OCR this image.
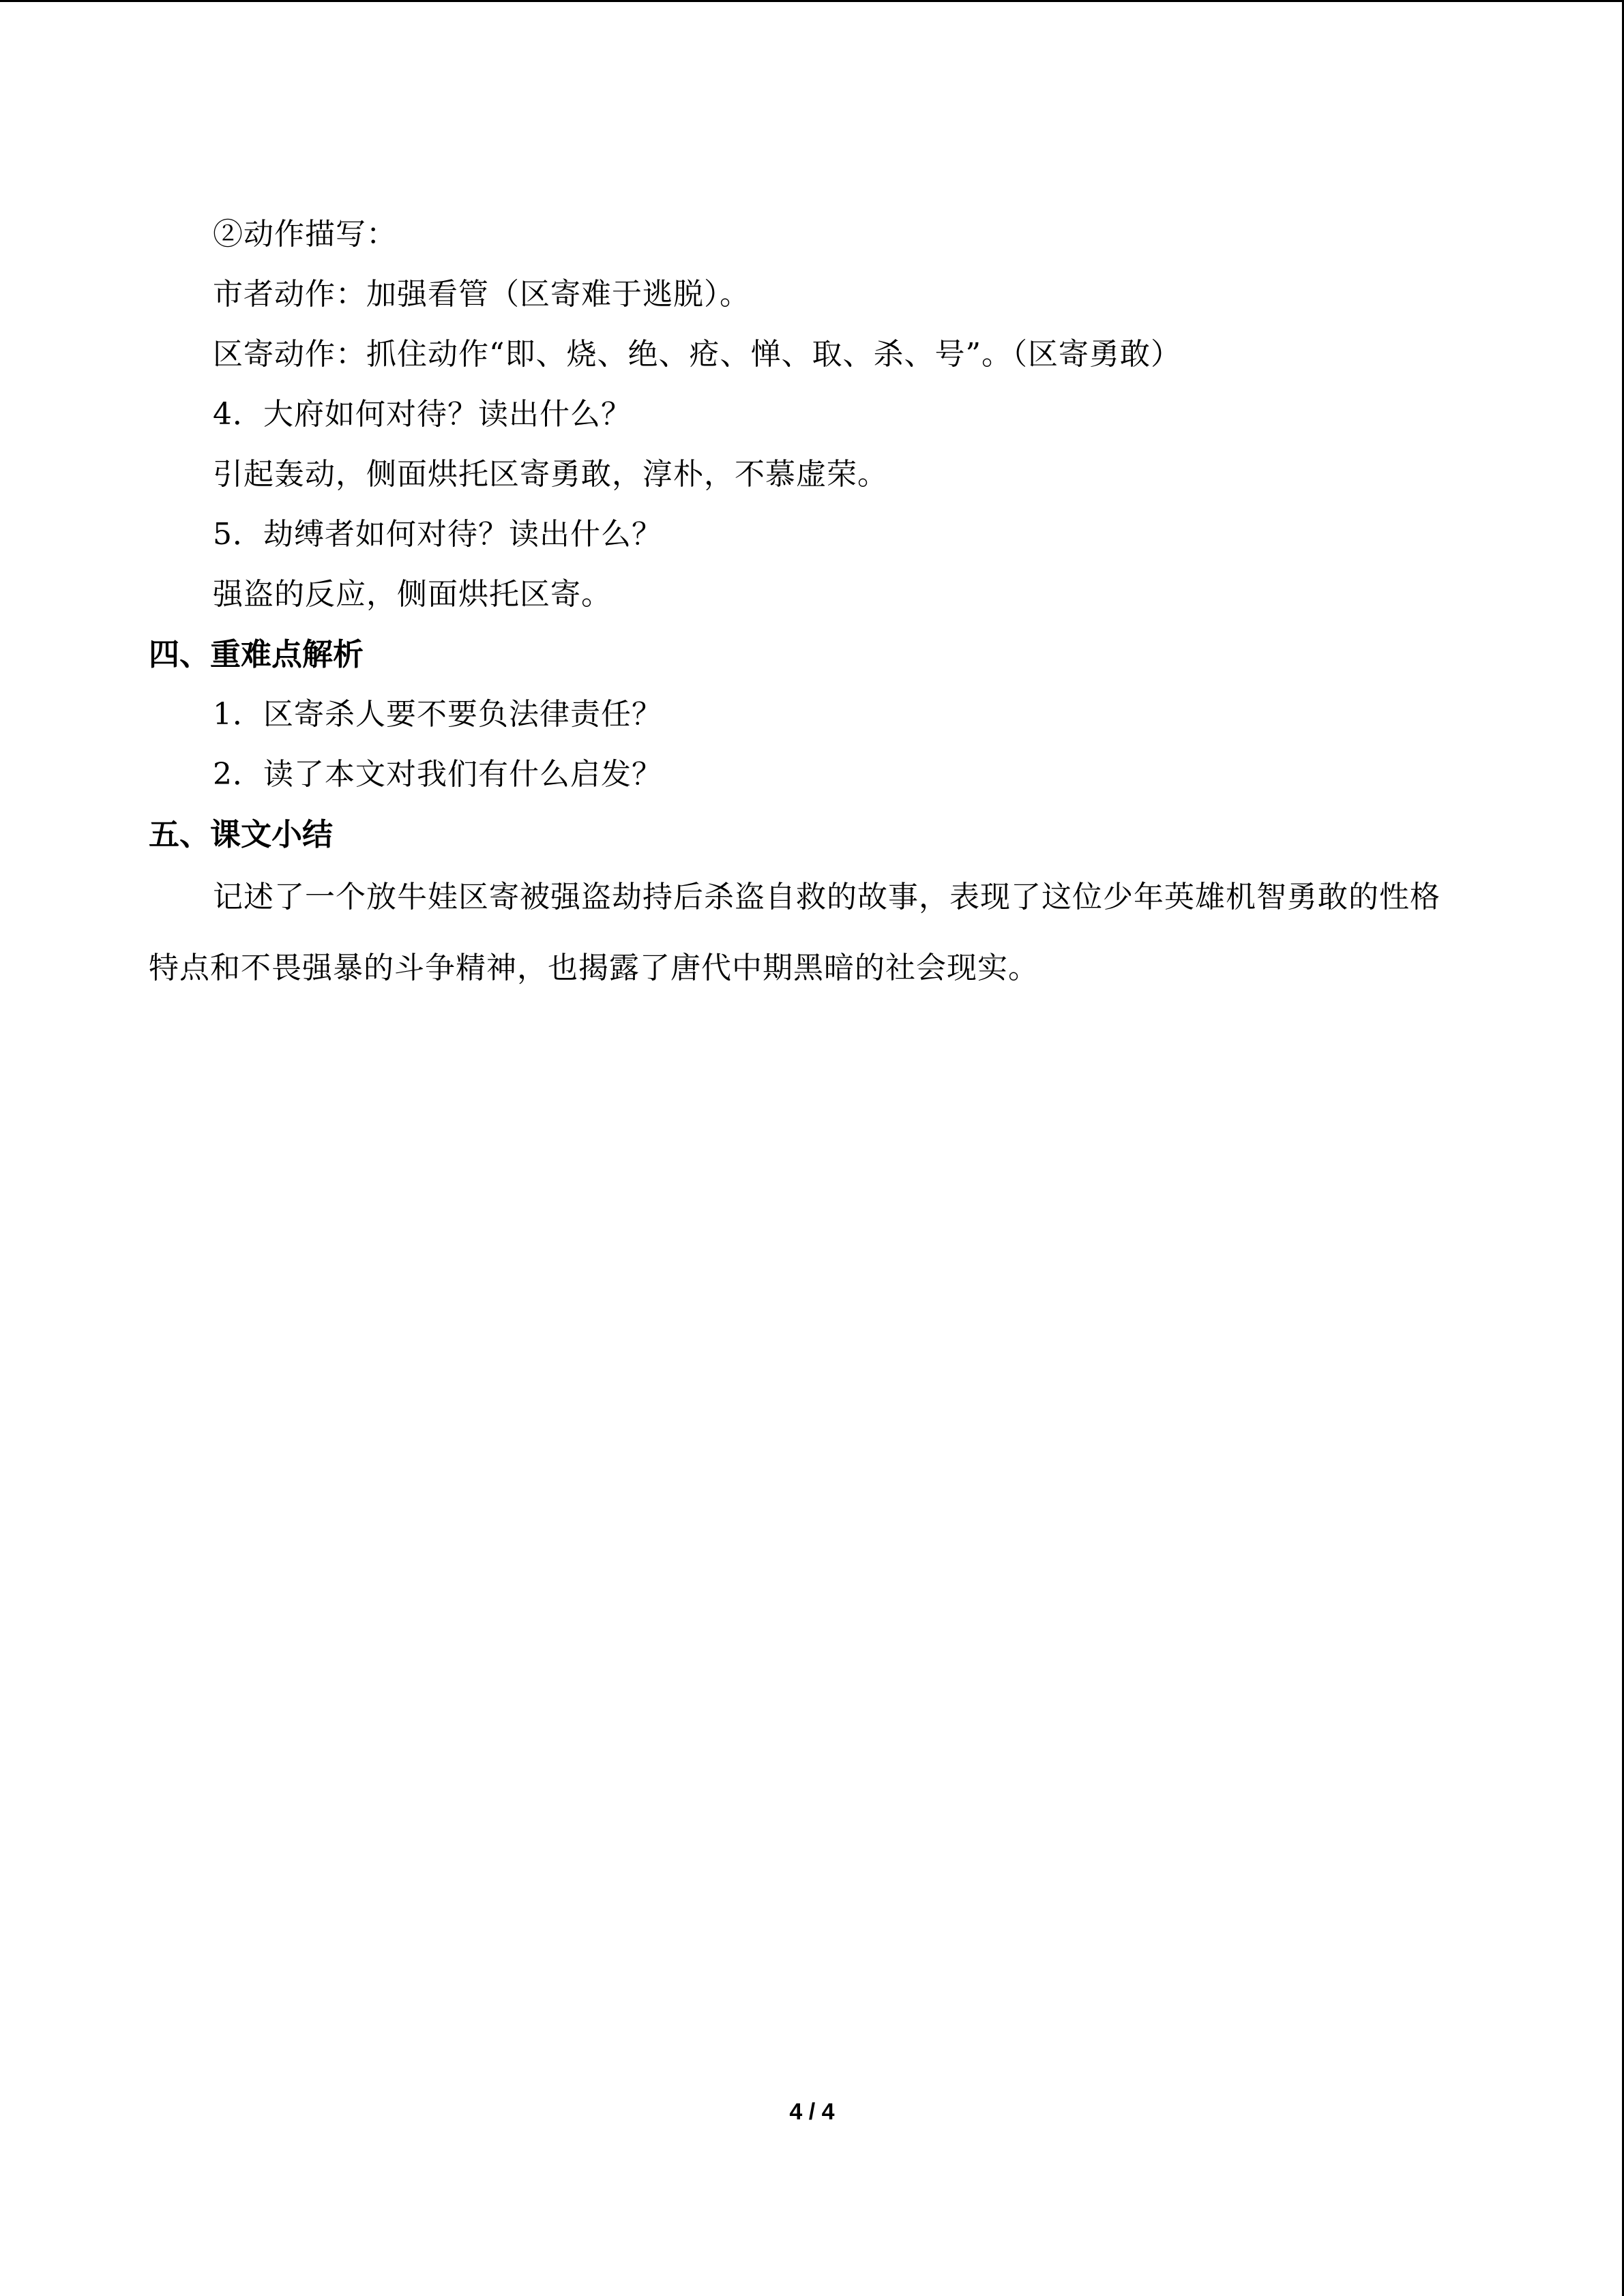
②动作描写：
市者动作：加强看管（区寄难于逃脱）。
区寄动作：抓住动作“即、烧、绝、疮、惮、取、杀、号”。（区寄勇敢）
4．大府如何对待？读出什么？
引起轰动，侧面烘托区寄勇敢，淳朴，不慕虚荣。
5．劫缚者如何对待？读出什么？
强盗的反应，侧面烘托区寄。
四、重难点解析
1．区寄杀人要不要负法律责任？
2．读了本文对我们有什么启发？
五、课文小结
记述了一个放牛娃区寄被强盗劫持后杀盗自救的故事，表现了这位少年英雄机智勇敢的性格特点和不畏强暴的斗争精神，也揭露了唐代中期黑暗的社会现实。
4 / 4
